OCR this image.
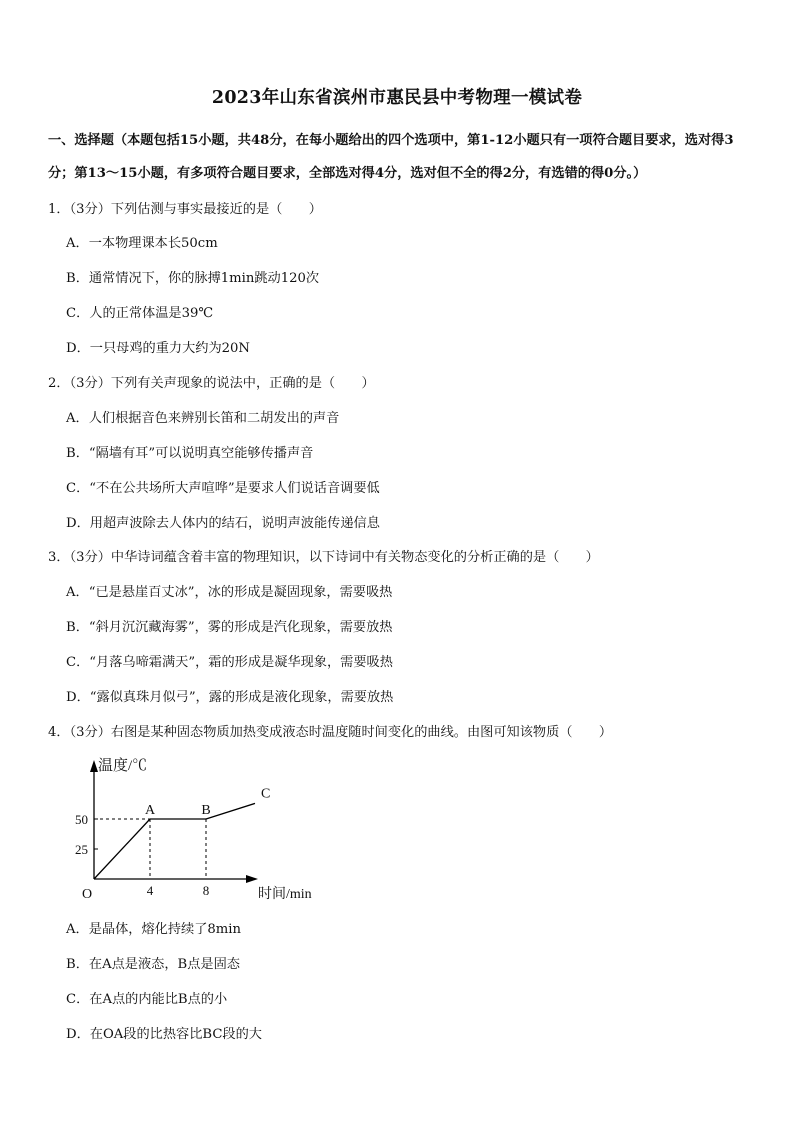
2023年山东省滨州市惠民县中考物理一模试卷
一、选择题（本题包括15小题，共48分，在每小题给出的四个选项中，第1-12小题只有一项符合题目要求，选对得3分；第13～15小题，有多项符合题目要求，全部选对得4分，选对但不全的得2分，有选错的得0分。）
1．（3分）下列估测与事实最接近的是（　　）
A．一本物理课本长50cm
B．通常情况下，你的脉搏1min跳动120次
C．人的正常体温是39℃
D．一只母鸡的重力大约为20N
2．（3分）下列有关声现象的说法中，正确的是（　　）
A．人们根据音色来辨别长笛和二胡发出的声音
B．“隔墙有耳”可以说明真空能够传播声音
C．“不在公共场所大声喧哗”是要求人们说话音调要低
D．用超声波除去人体内的结石，说明声波能传递信息
3．（3分）中华诗词蕴含着丰富的物理知识，以下诗词中有关物态变化的分析正确的是（　　）
A．“已是悬崖百丈冰”，冰的形成是凝固现象，需要吸热
B．“斜月沉沉藏海雾”，雾的形成是汽化现象，需要放热
C．“月落乌啼霜满天”，霜的形成是凝华现象，需要吸热
D．“露似真珠月似弓”，露的形成是液化现象，需要放热
4．（3分）右图是某种固态物质加热变成液态时温度随时间变化的曲线。由图可知该物质（　　）
温度/℃
时间/min
O
25
50
4	8
A	B
C
A．是晶体，熔化持续了8min
B．在A点是液态，B点是固态
C．在A点的内能比B点的小
D．在OA段的比热容比BC段的大
